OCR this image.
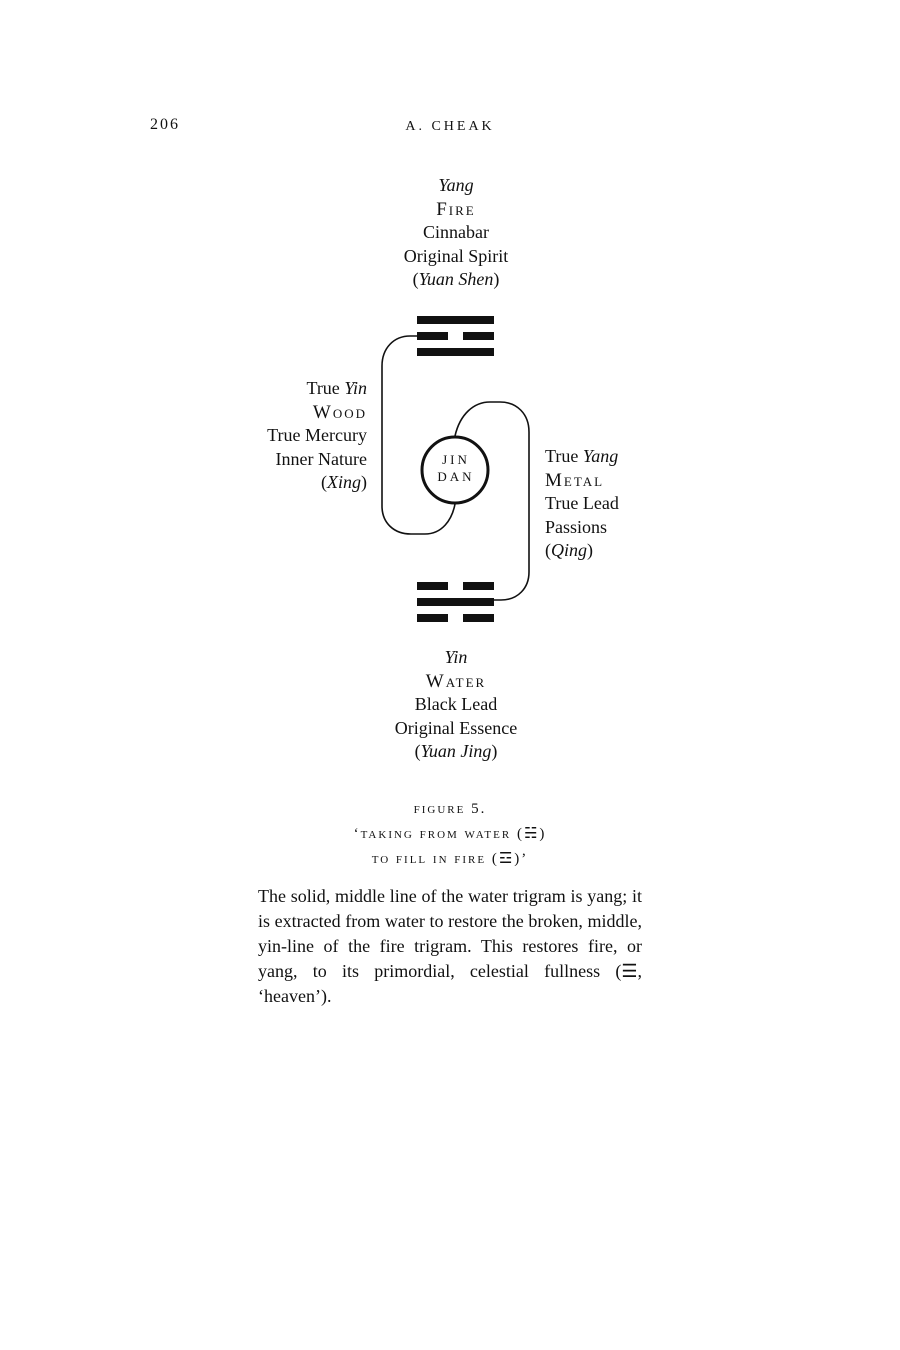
206	A. CHEAK
Yang
Fire
Cinnabar
Original Spirit
(Yuan Shen)
True Yin
Wood
True Mercury
Inner Nature
(Xing)
True Yang
Metal
True Lead
Passions
(Qing)
JIN
DAN
Yin
Water
Black Lead
Original Essence
(Yuan Jing)
figure 5.
‘taking from water (☵)
to fill in fire (☲)’
The solid, middle line of the water trigram is yang; it is extracted from water to restore the broken, middle, yin-line of the fire trigram. This restores fire, or yang, to its primordial, celestial fullness (☰, ‘heaven’).
